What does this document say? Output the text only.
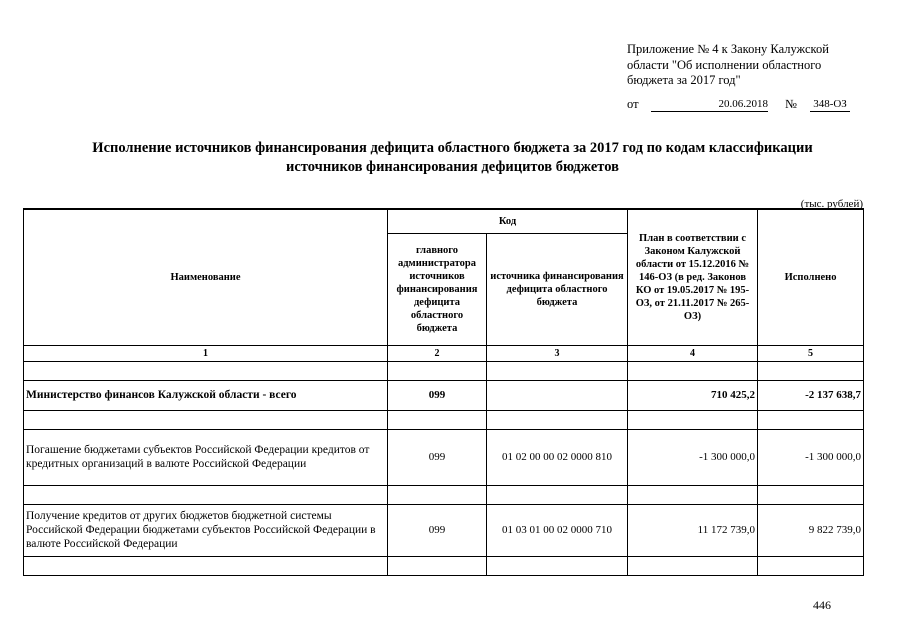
Приложение № 4 к Закону Калужской
области "Об исполнении областного
бюджета за 2017 год"
от	20.06.2018 № 348-ОЗ
Исполнение источников финансирования дефицита областного бюджета за 2017 год по кодам классификации
источников финансирования дефицитов бюджетов
(тыс. рублей)
Наименование	Код		План в соответствии с Законом Калужской области от 15.12.2016 № 146-ОЗ (в ред. Законов КО от 19.05.2017 № 195-ОЗ, от 21.11.2017 № 265-ОЗ)	Исполнено
	главного администратора источников финансирования дефицита областного бюджета	источника финансирования дефицита областного бюджета		
1	2	3	4	5

Министерство финансов Калужской области - всего	099		710 425,2	-2 137 638,7

Погашение бюджетами субъектов Российской Федерации кредитов от кредитных организаций в валюте Российской Федерации	099	01 02 00 00 02 0000 810	-1 300 000,0	-1 300 000,0

Получение кредитов от других бюджетов бюджетной системы Российской Федерации бюджетами субъектов Российской Федерации в валюте Российской Федерации	099	01 03 01 00 02 0000 710	11 172 739,0	9 822 739,0

446
